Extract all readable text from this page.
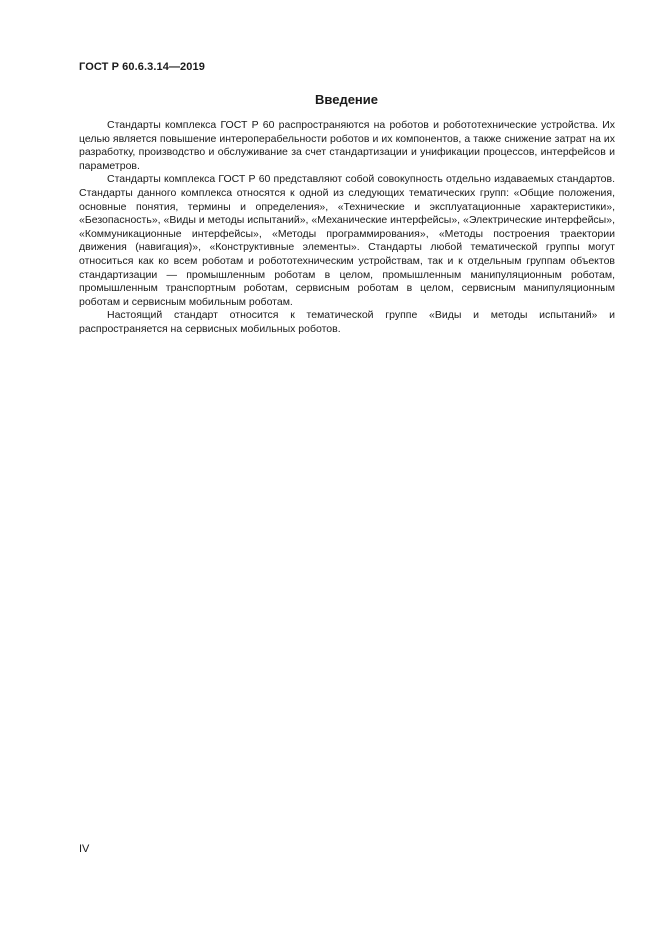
ГОСТ Р 60.6.3.14—2019
Введение

Стандарты комплекса ГОСТ Р 60 распространяются на роботов и робототехнические устройства. Их целью является повышение интероперабельности роботов и их компонентов, а также снижение затрат на их разработку, производство и обслуживание за счет стандартизации и унификации процессов, интерфейсов и параметров.

Стандарты комплекса ГОСТ Р 60 представляют собой совокупность отдельно издаваемых стандартов. Стандарты данного комплекса относятся к одной из следующих тематических групп: «Общие положения, основные понятия, термины и определения», «Технические и эксплуатационные характеристики», «Безопасность», «Виды и методы испытаний», «Механические интерфейсы», «Электрические интерфейсы», «Коммуникационные интерфейсы», «Методы программирования», «Методы построения траектории движения (навигация)», «Конструктивные элементы». Стандарты любой тематической группы могут относиться как ко всем роботам и робототехническим устройствам, так и к отдельным группам объектов стандартизации — промышленным роботам в целом, промышленным манипуляционным роботам, промышленным транспортным роботам, сервисным роботам в целом, сервисным манипуляционным роботам и сервисным мобильным роботам.

Настоящий стандарт относится к тематической группе «Виды и методы испытаний» и распространяется на сервисных мобильных роботов.

IV
